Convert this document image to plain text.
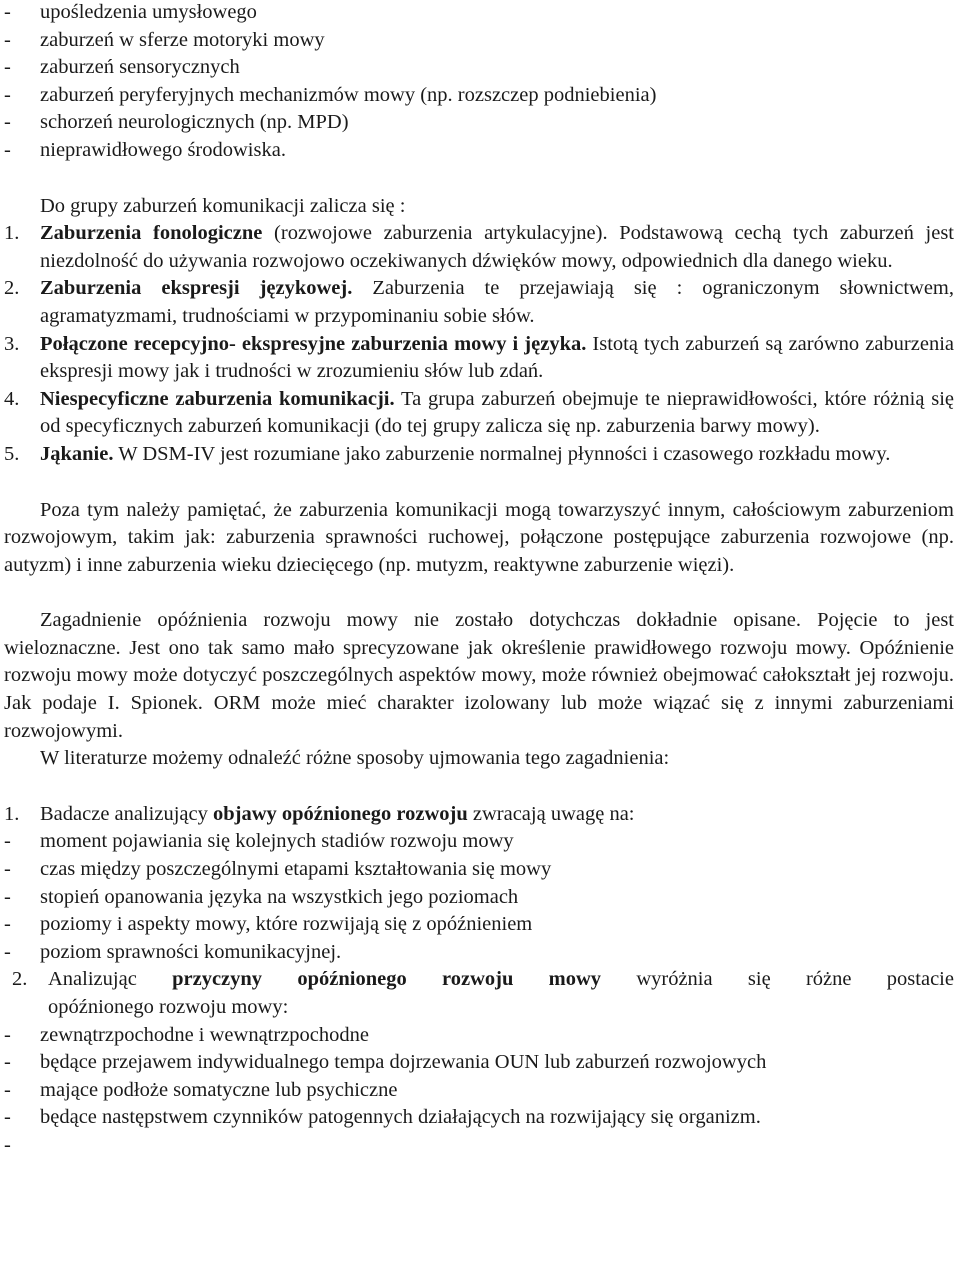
-	upośledzenia umysłowego
-	zaburzeń w sferze motoryki mowy
-	zaburzeń sensorycznych
-	zaburzeń peryferyjnych mechanizmów mowy (np. rozszczep podniebienia)
-	schorzeń neurologicznych (np. MPD)
-	nieprawidłowego środowiska.
Do grupy zaburzeń komunikacji zalicza się :
1.	Zaburzenia fonologiczne (rozwojowe zaburzenia artykulacyjne). Podstawową cechą tych zaburzeń jest niezdolność do używania rozwojowo oczekiwanych dźwięków mowy, odpowiednich dla danego wieku.
2.	Zaburzenia ekspresji językowej. Zaburzenia te przejawiają się : ograniczonym słownictwem, agramatyzmami, trudnościami w przypominaniu sobie słów.
3.	Połączone recepcyjno- ekspresyjne zaburzenia mowy i języka. Istotą tych zaburzeń są zarówno zaburzenia ekspresji mowy jak i trudności w zrozumieniu słów lub zdań.
4.	Niespecyficzne zaburzenia komunikacji. Ta grupa zaburzeń obejmuje te nieprawidłowości, które różnią się od specyficznych zaburzeń komunikacji (do tej grupy zalicza się np. zaburzenia barwy mowy).
5.	Jąkanie. W DSM-IV jest rozumiane jako zaburzenie normalnej płynności i czasowego rozkładu mowy.
Poza tym należy pamiętać, że zaburzenia komunikacji mogą towarzyszyć innym, całościowym zaburzeniom rozwojowym, takim jak: zaburzenia sprawności ruchowej, połączone postępujące zaburzenia rozwojowe (np. autyzm) i inne zaburzenia wieku dziecięcego (np. mutyzm, reaktywne zaburzenie więzi).
Zagadnienie opóźnienia rozwoju mowy nie zostało dotychczas dokładnie opisane. Pojęcie to jest wieloznaczne. Jest ono tak samo mało sprecyzowane jak określenie prawidłowego rozwoju mowy. Opóźnienie rozwoju mowy może dotyczyć poszczególnych aspektów mowy, może również obejmować całokształt jej rozwoju. Jak podaje I. Spionek. ORM może mieć charakter izolowany lub może wiązać się z innymi zaburzeniami rozwojowymi.
W literaturze możemy odnaleźć różne sposoby ujmowania tego zagadnienia:
1.	Badacze analizujący objawy opóźnionego rozwoju zwracają uwagę na:
-	moment pojawiania się kolejnych stadiów rozwoju mowy
-	czas między poszczególnymi etapami kształtowania się mowy
-	stopień opanowania języka na wszystkich jego poziomach
-	poziomy i aspekty mowy, które rozwijają się z opóźnieniem
-	poziom sprawności komunikacyjnej.
2.	Analizując przyczyny opóźnionego rozwoju mowy wyróżnia się różne postacie
opóźnionego rozwoju mowy:
-	zewnątrzpochodne i wewnątrzpochodne
-	będące przejawem indywidualnego tempa dojrzewania OUN lub zaburzeń rozwojowych
-	mające podłoże somatyczne lub psychiczne
-	będące następstwem czynników patogennych działających na rozwijający się organizm.
-
